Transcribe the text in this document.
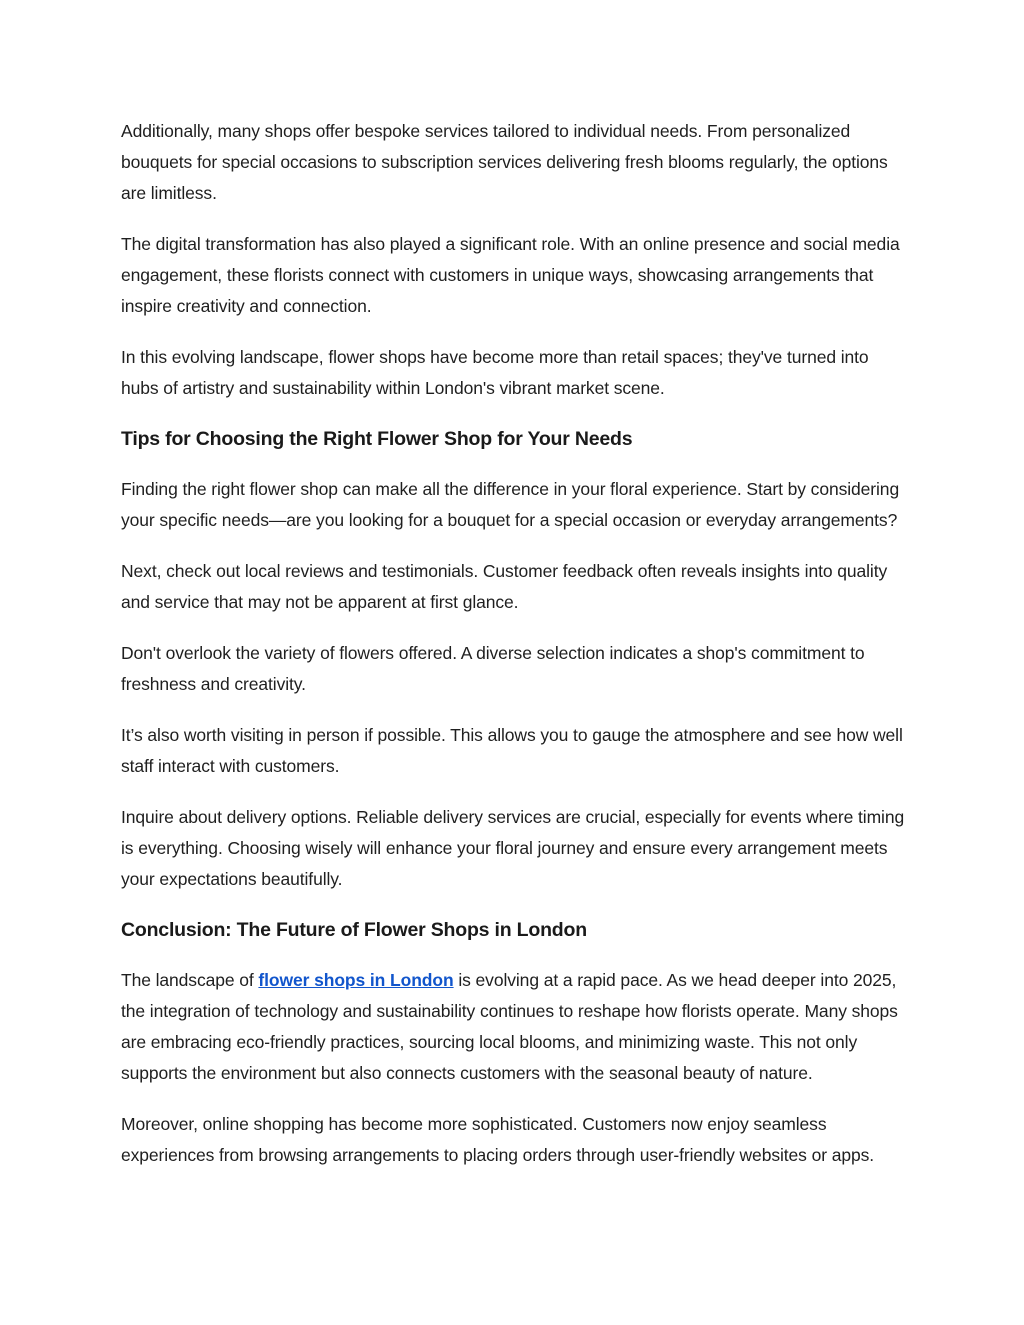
Additionally, many shops offer bespoke services tailored to individual needs. From personalized bouquets for special occasions to subscription services delivering fresh blooms regularly, the options are limitless.

The digital transformation has also played a significant role. With an online presence and social media engagement, these florists connect with customers in unique ways, showcasing arrangements that inspire creativity and connection.

In this evolving landscape, flower shops have become more than retail spaces; they've turned into hubs of artistry and sustainability within London's vibrant market scene.

Tips for Choosing the Right Flower Shop for Your Needs

Finding the right flower shop can make all the difference in your floral experience. Start by considering your specific needs—are you looking for a bouquet for a special occasion or everyday arrangements?

Next, check out local reviews and testimonials. Customer feedback often reveals insights into quality and service that may not be apparent at first glance.

Don't overlook the variety of flowers offered. A diverse selection indicates a shop's commitment to freshness and creativity.

It’s also worth visiting in person if possible. This allows you to gauge the atmosphere and see how well staff interact with customers.

Inquire about delivery options. Reliable delivery services are crucial, especially for events where timing is everything. Choosing wisely will enhance your floral journey and ensure every arrangement meets your expectations beautifully.

Conclusion: The Future of Flower Shops in London

The landscape of flower shops in London is evolving at a rapid pace. As we head deeper into 2025, the integration of technology and sustainability continues to reshape how florists operate. Many shops are embracing eco-friendly practices, sourcing local blooms, and minimizing waste. This not only supports the environment but also connects customers with the seasonal beauty of nature.

Moreover, online shopping has become more sophisticated. Customers now enjoy seamless experiences from browsing arrangements to placing orders through user-friendly websites or apps.
